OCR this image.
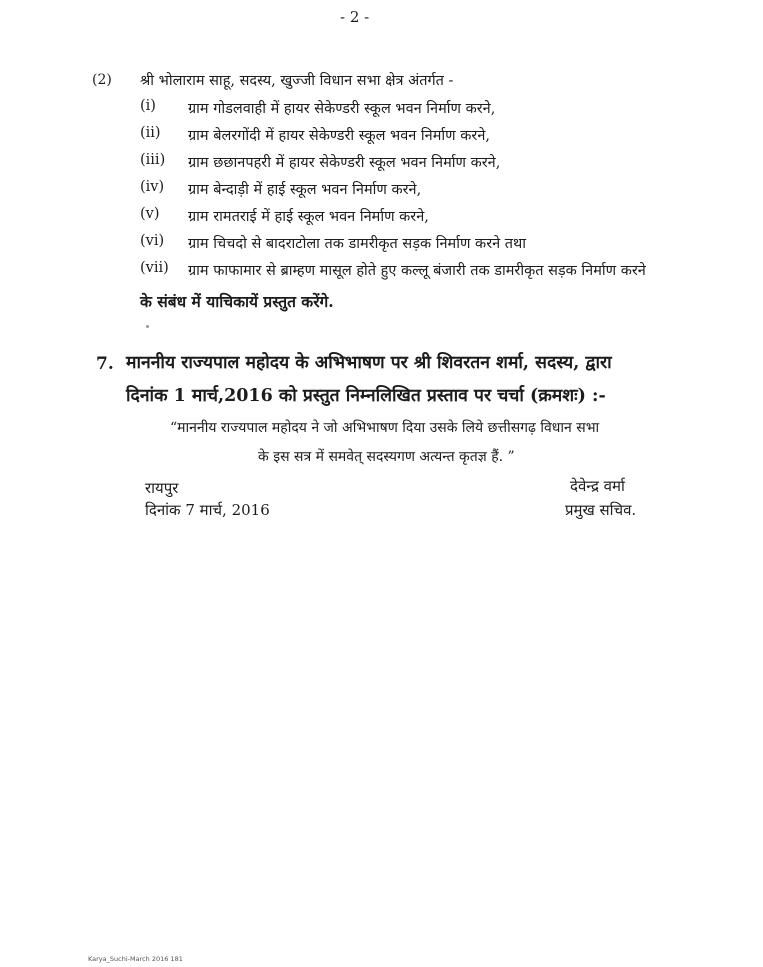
- 2 -
(2) श्री भोलाराम साहू, सदस्य, खुज्जी विधान सभा क्षेत्र अंतर्गत -
(i) ग्राम गोडलवाही में हायर सेकेण्डरी स्कूल भवन निर्माण करने,
(ii) ग्राम बेलरगोंदी में हायर सेकेण्डरी स्कूल भवन निर्माण करने,
(iii) ग्राम छछानपहरी में हायर सेकेण्डरी स्कूल भवन निर्माण करने,
(iv) ग्राम बेन्दाड़ी में हाई स्कूल भवन निर्माण करने,
(v) ग्राम रामतराई में हाई स्कूल भवन निर्माण करने,
(vi) ग्राम चिचदो से बादराटोला तक डामरीकृत सड़क निर्माण करने तथा
(vii) ग्राम फाफामार से ब्राम्हण मासूल होते हुए कल्लू बंजारी तक डामरीकृत सड़क निर्माण करने
के संबंध में याचिकायें प्रस्तुत करेंगे.
7. माननीय राज्यपाल महोदय के अभिभाषण पर श्री शिवरतन शर्मा, सदस्य, द्वारा
दिनांक 1 मार्च,2016 को प्रस्तुत निम्नलिखित प्रस्ताव पर चर्चा (क्रमशः) :-
“माननीय राज्यपाल महोदय ने जो अभिभाषण दिया उसके लिये छत्तीसगढ़ विधान सभा
के इस सत्र में समवेत् सदस्यगण अत्यन्त कृतज्ञ हैं. ”
रायपुर
दिनांक 7 मार्च, 2016
देवेन्द्र वर्मा
प्रमुख सचिव.
Karya_Suchi-March 2016 181
